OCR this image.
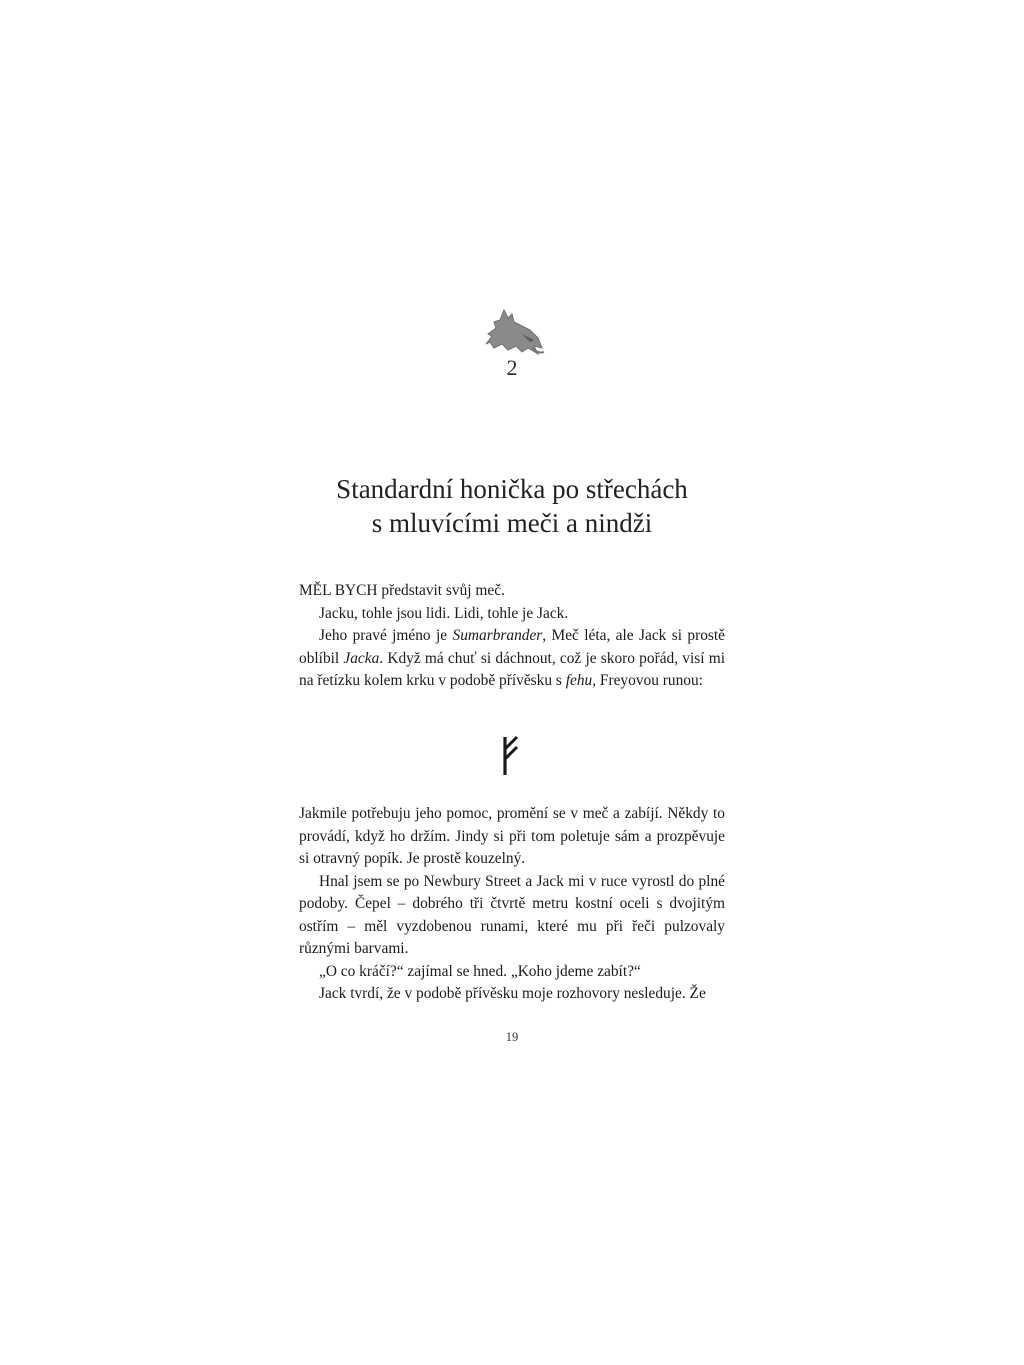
2
Standardní honička po střechách
s mluvícími meči a nindži

MĚL BYCH představit svůj meč.

Jacku, tohle jsou lidi. Lidi, tohle je Jack.

Jeho pravé jméno je Sumarbrander, Meč léta, ale Jack si prostě oblíbil Jacka. Když má chuť si dáchnout, což je skoro pořád, visí mi na řetízku kolem krku v podobě přívěsku s fehu, Freyovou runou:

Jakmile potřebuju jeho pomoc, promění se v meč a zabíjí. Někdy to provádí, když ho držím. Jindy si při tom poletuje sám a prozpěvuje si otravný popík. Je prostě kouzelný.

Hnal jsem se po Newbury Street a Jack mi v ruce vyrostl do plné podoby. Čepel – dobrého tři čtvrtě metru kostní oceli s dvojitým ostřím – měl vyzdobenou runami, které mu při řeči pulzovaly různými barvami.

„O co kráčí?“ zajímal se hned. „Koho jdeme zabít?“

Jack tvrdí, že v podobě přívěsku moje rozhovory nesleduje. Že

19
